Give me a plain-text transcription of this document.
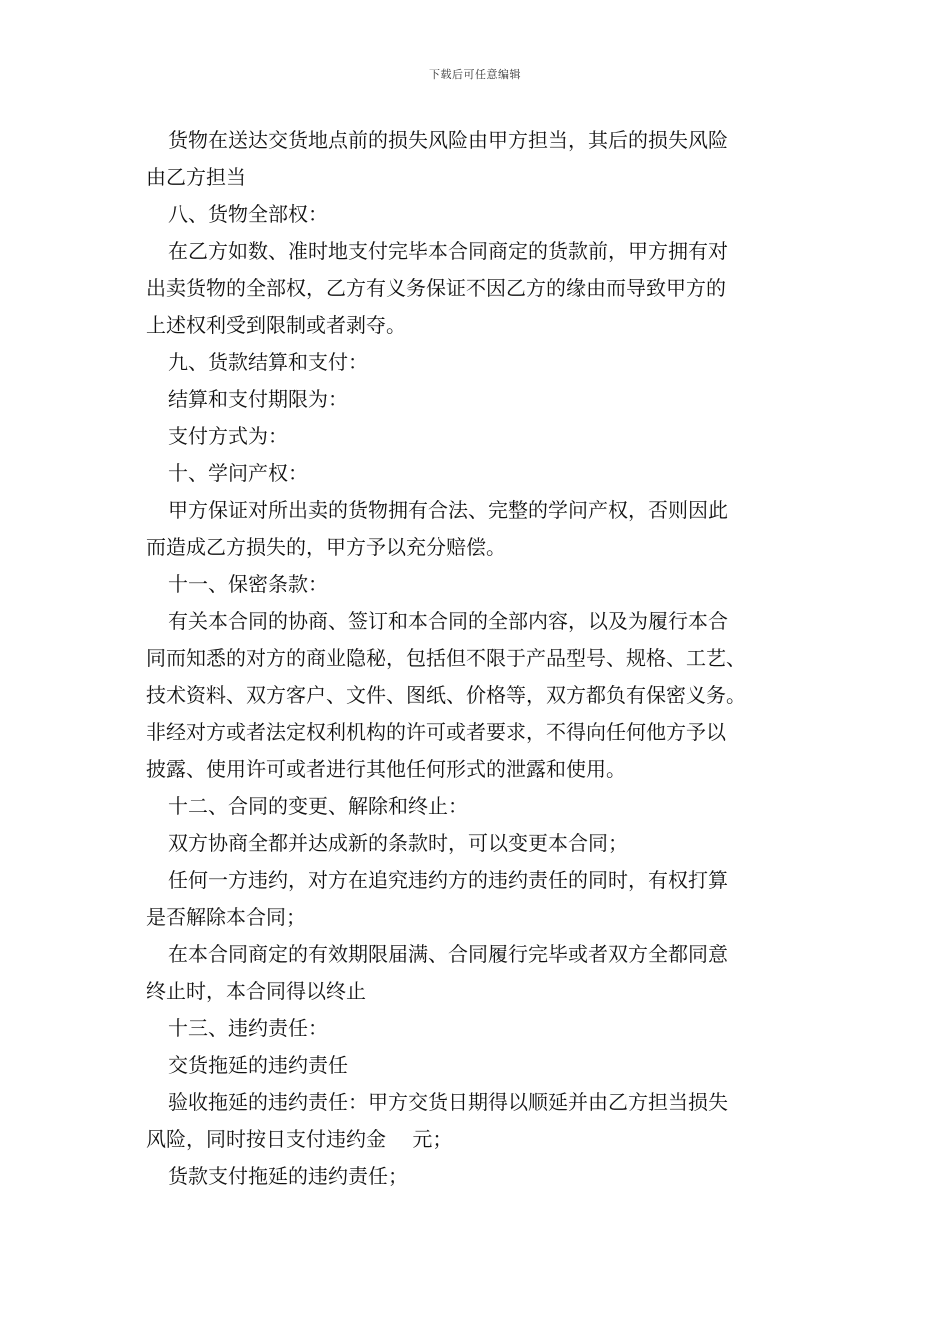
下载后可任意编辑

货物在送达交货地点前的损失风险由甲方担当，其后的损失风险

由乙方担当

八、货物全部权：

在乙方如数、准时地支付完毕本合同商定的货款前，甲方拥有对

出卖货物的全部权，乙方有义务保证不因乙方的缘由而导致甲方的

上述权利受到限制或者剥夺。

九、货款结算和支付：

结算和支付期限为：

支付方式为：

十、学问产权：

甲方保证对所出卖的货物拥有合法、完整的学问产权，否则因此

而造成乙方损失的，甲方予以充分赔偿。

十一、保密条款：

有关本合同的协商、签订和本合同的全部内容，以及为履行本合

同而知悉的对方的商业隐秘，包括但不限于产品型号、规格、工艺、

技术资料、双方客户、文件、图纸、价格等，双方都负有保密义务。

非经对方或者法定权利机构的许可或者要求，不得向任何他方予以

披露、使用许可或者进行其他任何形式的泄露和使用。

十二、合同的变更、解除和终止：

双方协商全都并达成新的条款时，可以变更本合同；

任何一方违约，对方在追究违约方的违约责任的同时，有权打算

是否解除本合同；

在本合同商定的有效期限届满、合同履行完毕或者双方全都同意

终止时，本合同得以终止

十三、违约责任：

交货拖延的违约责任

验收拖延的违约责任：甲方交货日期得以顺延并由乙方担当损失

风险，同时按日支付违约金　 元；

货款支付拖延的违约责任；
